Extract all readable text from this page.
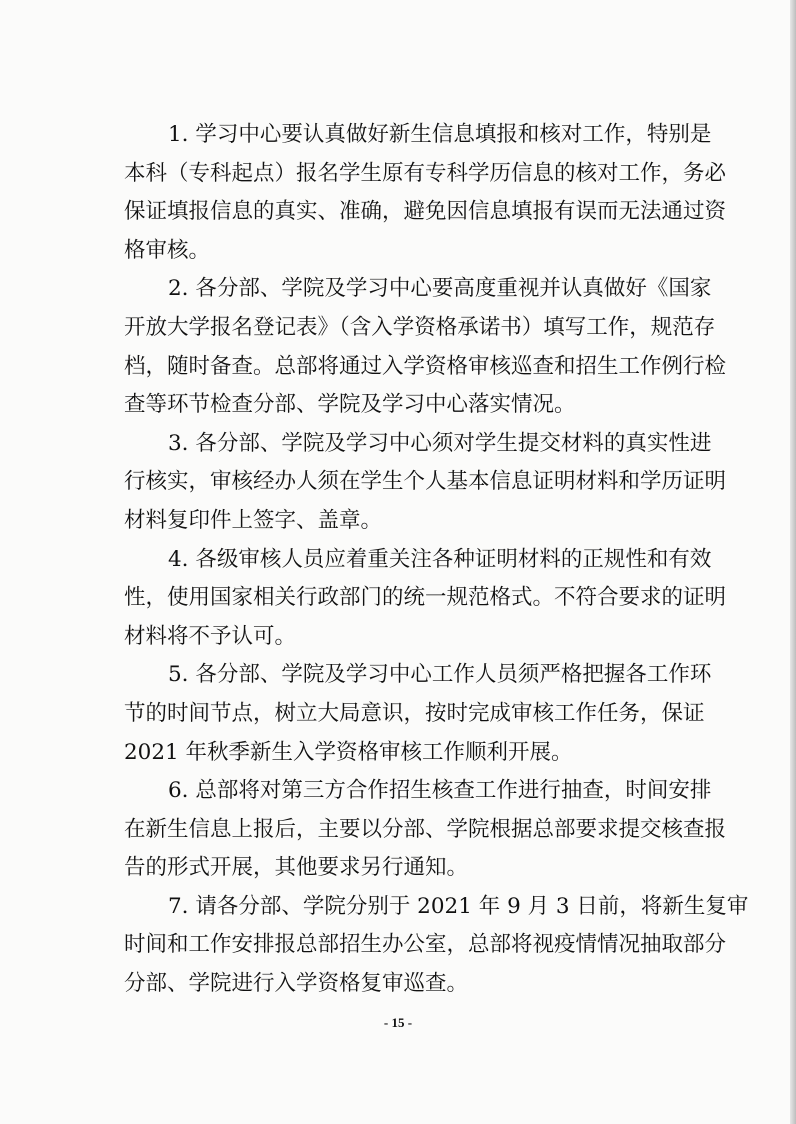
1. 学习中心要认真做好新生信息填报和核对工作，特别是
本科（专科起点）报名学生原有专科学历信息的核对工作，务必
保证填报信息的真实、准确，避免因信息填报有误而无法通过资
格审核。

2. 各分部、学院及学习中心要高度重视并认真做好《国家
开放大学报名登记表》（含入学资格承诺书）填写工作，规范存
档，随时备查。总部将通过入学资格审核巡查和招生工作例行检
查等环节检查分部、学院及学习中心落实情况。

3. 各分部、学院及学习中心须对学生提交材料的真实性进
行核实，审核经办人须在学生个人基本信息证明材料和学历证明
材料复印件上签字、盖章。

4. 各级审核人员应着重关注各种证明材料的正规性和有效
性，使用国家相关行政部门的统一规范格式。不符合要求的证明
材料将不予认可。

5. 各分部、学院及学习中心工作人员须严格把握各工作环
节的时间节点，树立大局意识，按时完成审核工作任务，保证
2021 年秋季新生入学资格审核工作顺利开展。

6. 总部将对第三方合作招生核查工作进行抽查，时间安排
在新生信息上报后，主要以分部、学院根据总部要求提交核查报
告的形式开展，其他要求另行通知。

7. 请各分部、学院分别于 2021 年 9 月 3 日前，将新生复审
时间和工作安排报总部招生办公室，总部将视疫情情况抽取部分
分部、学院进行入学资格复审巡查。

- 15 -
